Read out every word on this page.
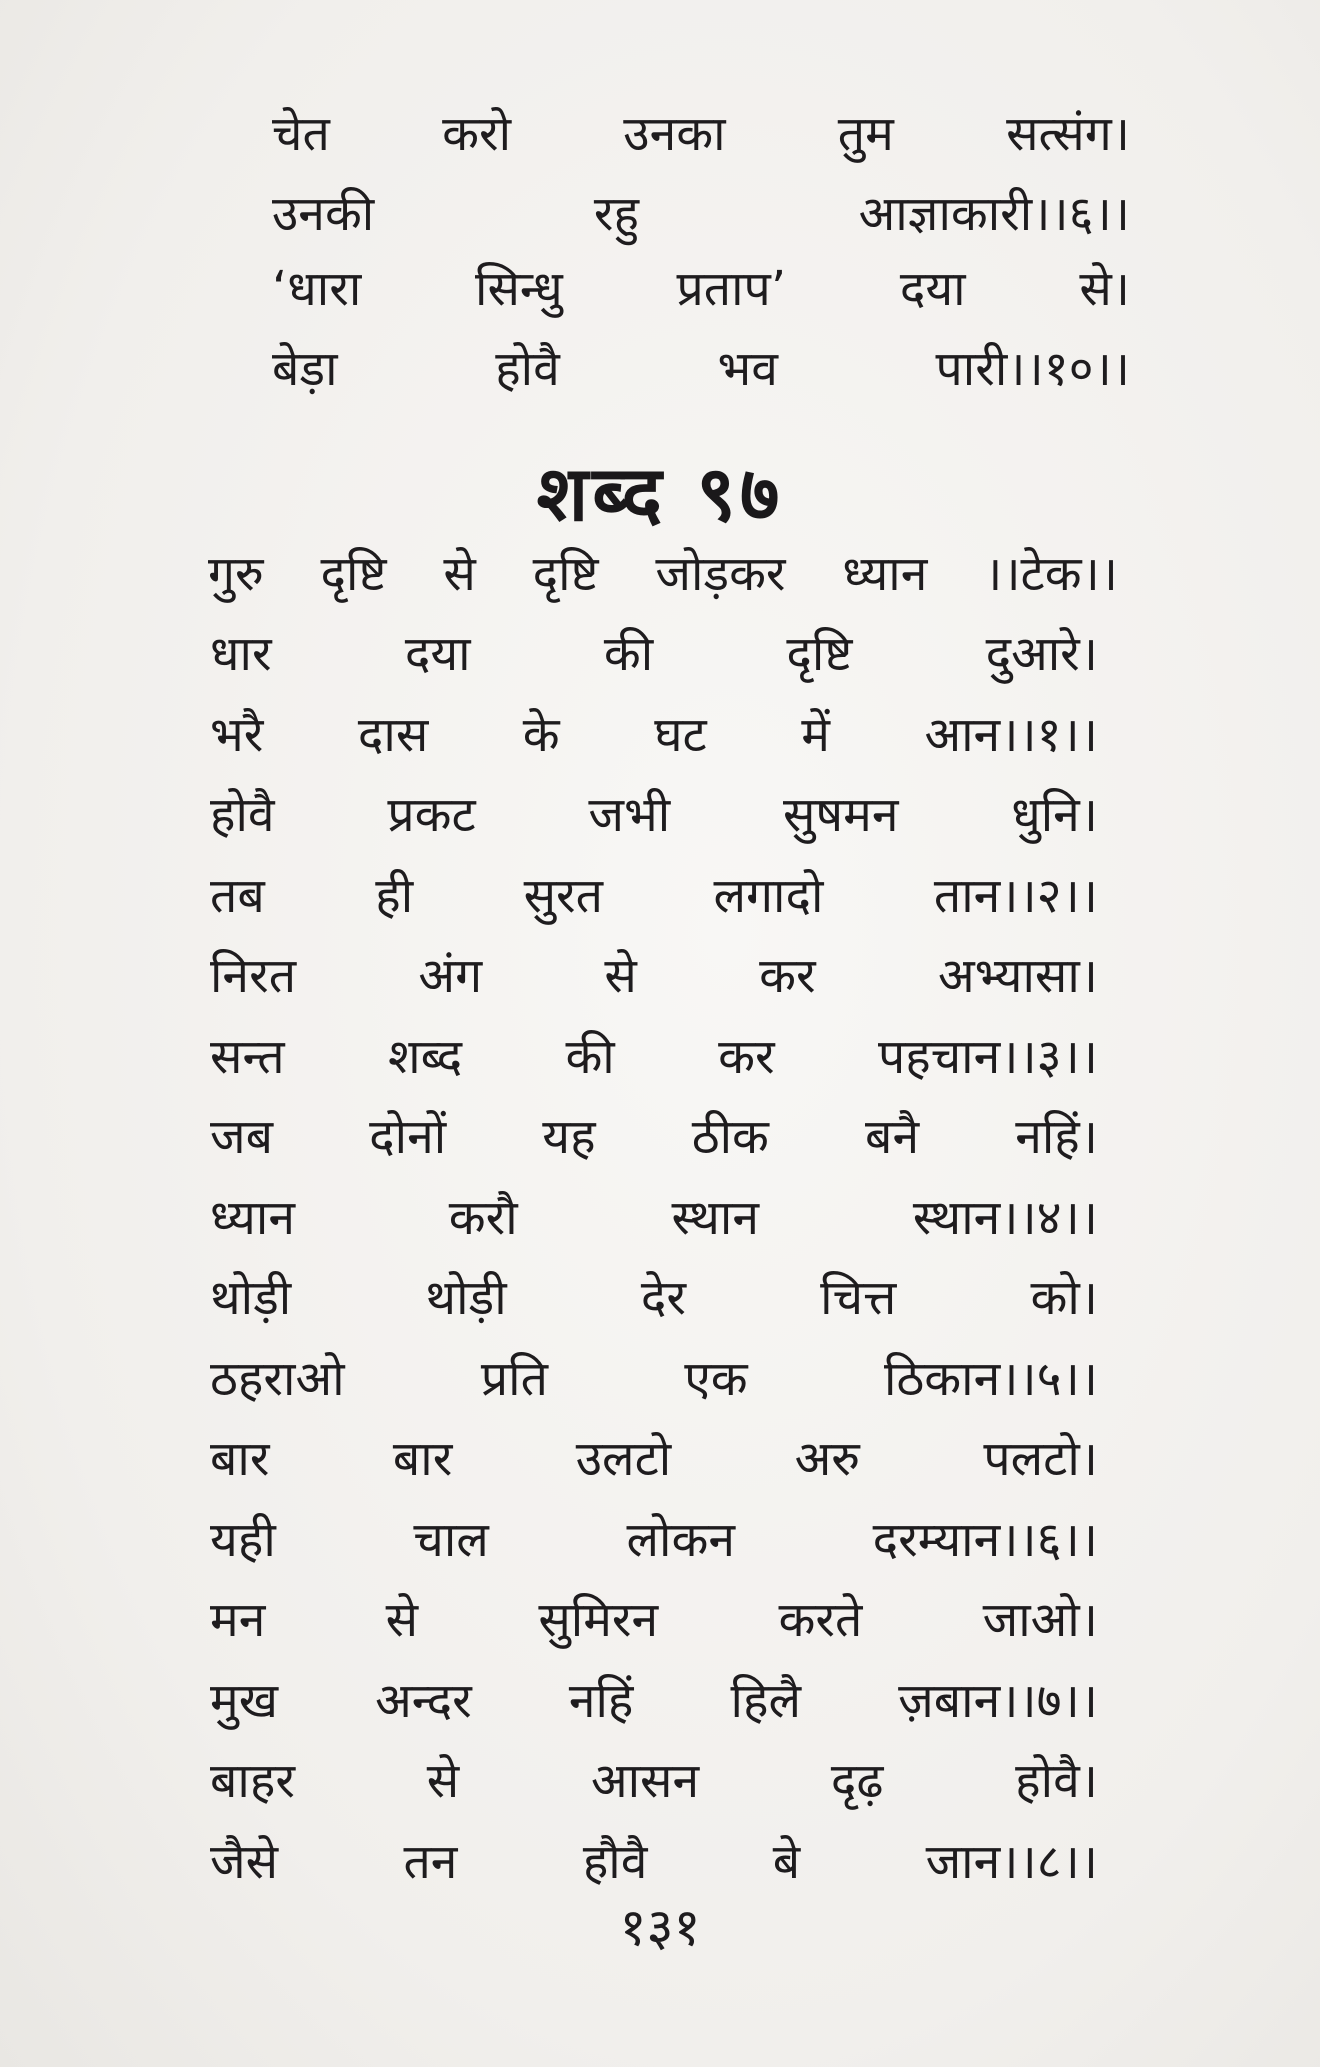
चेत करो उनका तुम सत्संग।
उनकी	रहु	आज्ञाकारी।।६।।
‘धारा सिन्धु प्रताप’ दया से।
बेड़ा	होवै	भव	पारी।।१०।।
शब्द ९७
गुरु दृष्टि से दृष्टि जोड़कर ध्यान ।।टेक।।
धार	दया	की	दृष्टि	दुआरे।
भरै दास के घट में आन।।१।।
होवै प्रकट जभी सुषमन धुनि।
तब ही सुरत लगादो तान।।२।।
निरत	अंग	से	कर	अभ्यासा।
सन्त शब्द की कर पहचान।।३।।
जब दोनों यह ठीक बनै नहिं।
ध्यान	करौ	स्थान	स्थान।।४।।
थोड़ी	थोड़ी	देर	चित्त	को।
ठहराओ	प्रति	एक	ठिकान।।५।।
बार	बार	उलटो	अरु	पलटो।
यही	चाल	लोकन	दरम्यान।।६।।
मन	से	सुमिरन	करते	जाओ।
मुख अन्दर नहिं हिलै ज़बान।।७।।
बाहर	से	आसन	दृढ़	होवै।
जैसे	तन	हौवै	बे	जान।।८।।
१३१
